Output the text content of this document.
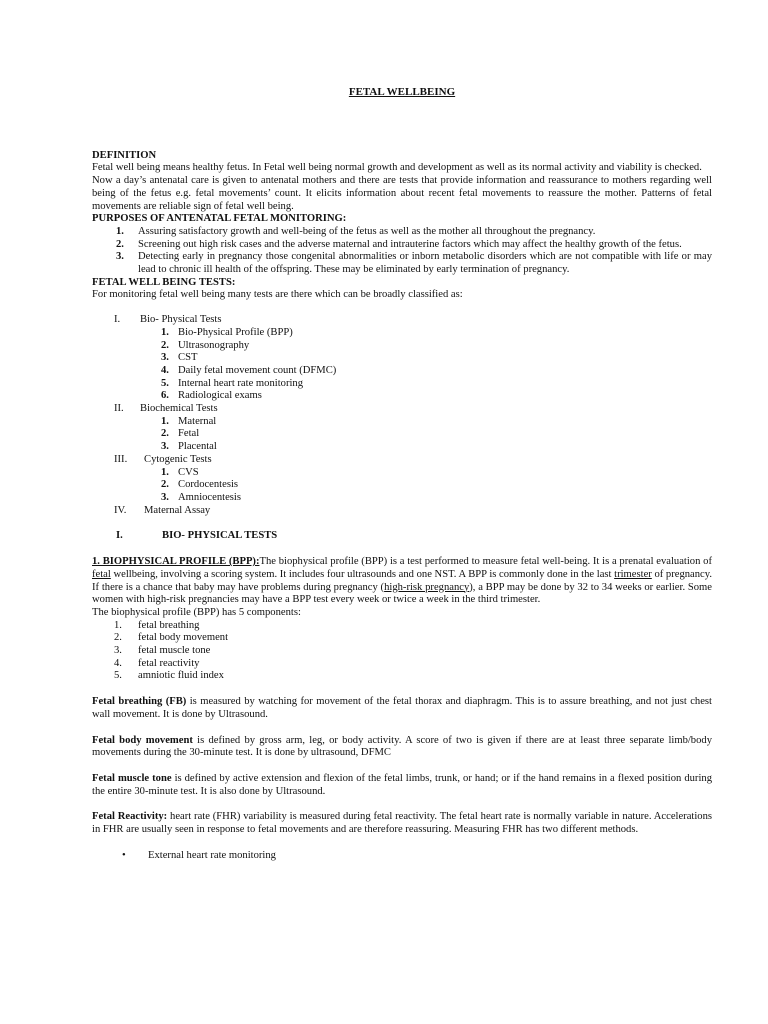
FETAL WELLBEING

DEFINITION

Fetal well being means healthy fetus. In Fetal well being normal growth and development as well as its normal activity and viability is checked.

Now a day’s antenatal care is given to antenatal mothers and there are tests that provide information and reassurance to mothers regarding well being of the fetus e.g. fetal movements’ count. It elicits information about recent fetal movements to reassure the mother. Patterns of fetal movements are reliable sign of fetal well being.

PURPOSES OF ANTENATAL FETAL MONITORING:

1.	Assuring satisfactory growth and well-being of the fetus as well as the mother all throughout the pregnancy.
2.	Screening out high risk cases and the adverse maternal and intrauterine factors which may affect the healthy growth of the fetus.
3.	Detecting early in pregnancy those congenital abnormalities or inborn metabolic disorders which are not compatible with life or may lead to chronic ill health of the offspring. These may be eliminated by early termination of pregnancy.

FETAL WELL BEING TESTS:

For monitoring fetal well being many tests are there which can be broadly classified as:

I.	Bio- Physical Tests
1. Bio-Physical Profile (BPP)
2. Ultrasonography
3. CST
4. Daily fetal movement count (DFMC)
5. Internal heart rate monitoring
6. Radiological exams
II.	Biochemical Tests
1. Maternal
2. Fetal
3. Placental
III.	Cytogenic Tests
1. CVS
2. Cordocentesis
3. Amniocentesis
IV.	Maternal Assay

I.	BIO- PHYSICAL TESTS

1. BIOPHYSICAL PROFILE (BPP):The biophysical profile (BPP) is a test performed to measure fetal well-being. It is a prenatal evaluation of fetal wellbeing, involving a scoring system. It includes four ultrasounds and one NST. A BPP is commonly done in the last trimester of pregnancy. If there is a chance that baby may have problems during pregnancy (high-risk pregnancy), a BPP may be done by 32 to 34 weeks or earlier. Some women with high-risk pregnancies may have a BPP test every week or twice a week in the third trimester.

The biophysical profile (BPP) has 5 components:

1.	fetal breathing
2.	fetal body movement
3.	fetal muscle tone
4.	fetal reactivity
5.	amniotic fluid index

Fetal breathing (FB) is measured by watching for movement of the fetal thorax and diaphragm. This is to assure breathing, and not just chest wall movement. It is done by Ultrasound.

Fetal body movement is defined by gross arm, leg, or body activity. A score of two is given if there are at least three separate limb/body movements during the 30-minute test. It is done by ultrasound, DFMC

Fetal muscle tone is defined by active extension and flexion of the fetal limbs, trunk, or hand; or if the hand remains in a flexed position during the entire 30-minute test. It is also done by Ultrasound.

Fetal Reactivity: heart rate (FHR) variability is measured during fetal reactivity. The fetal heart rate is normally variable in nature. Accelerations in FHR are usually seen in response to fetal movements and are therefore reassuring. Measuring FHR has two different methods.

•	External heart rate monitoring
